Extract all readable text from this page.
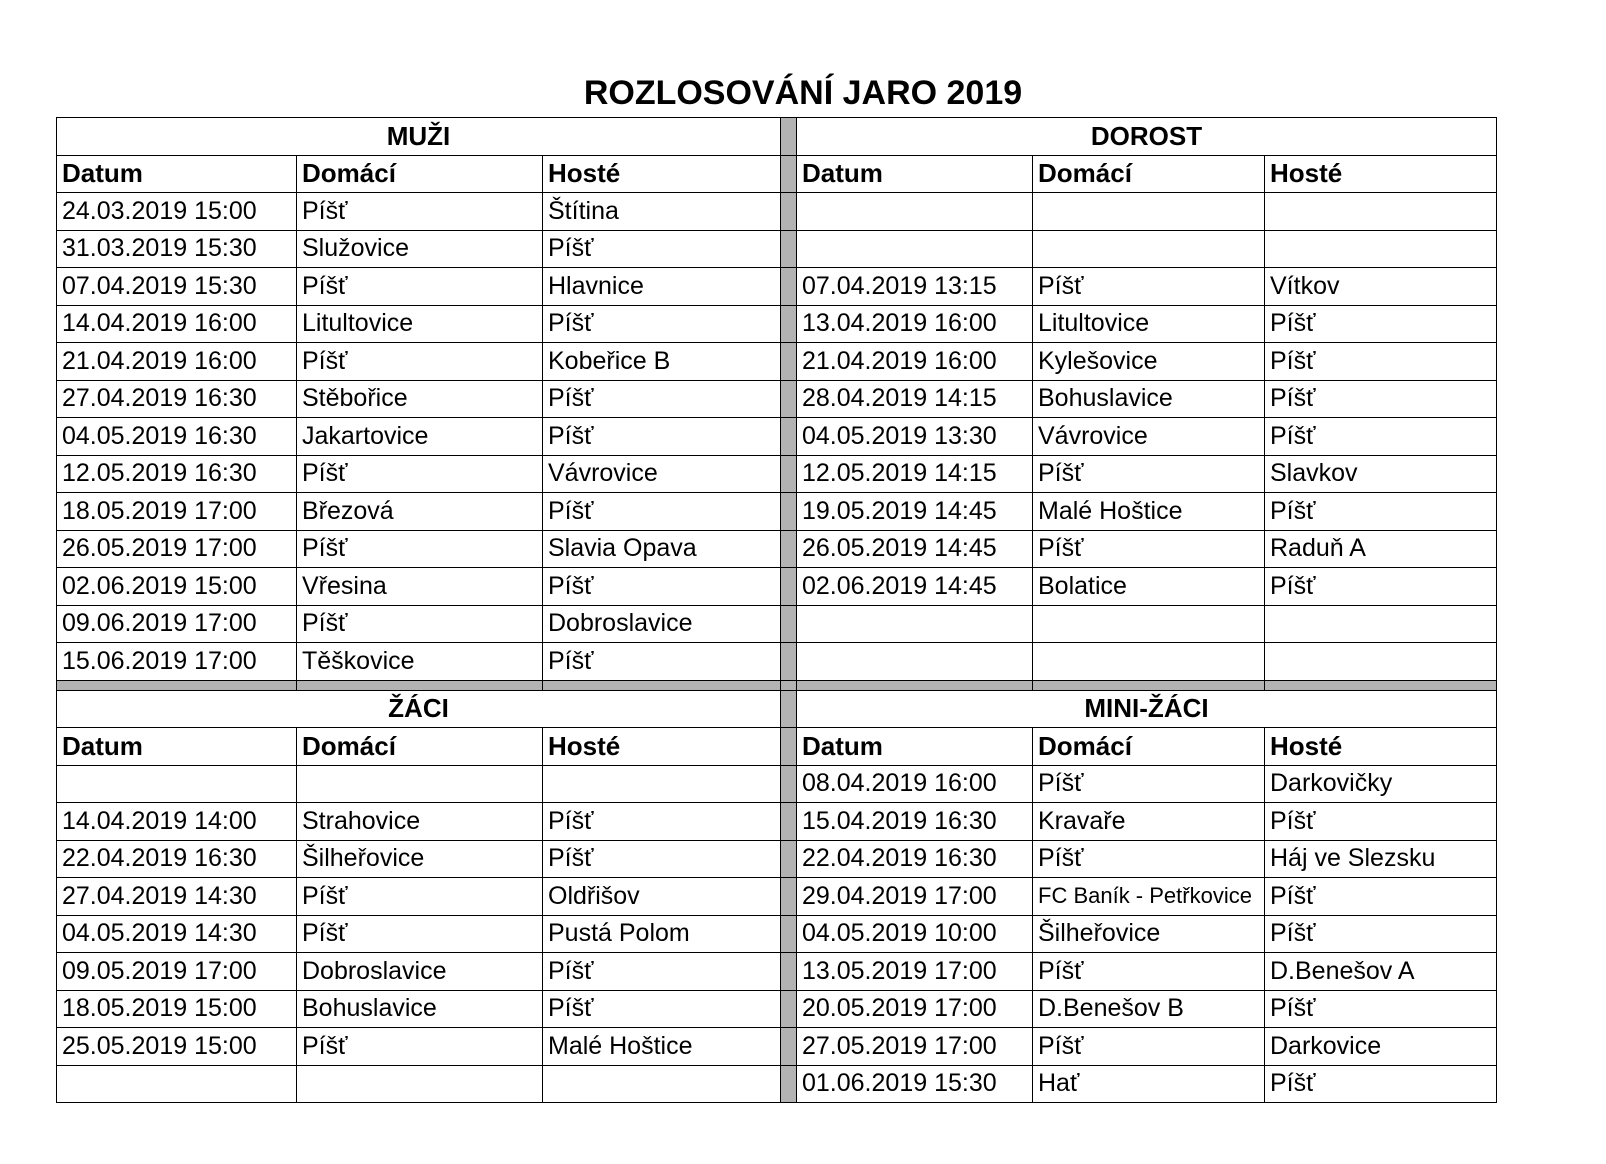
ROZLOSOVÁNÍ JARO 2019
MUŽI				DOROST		
Datum	Domácí	Hosté		Datum	Domácí	Hosté
24.03.2019 15:00	Píšť	Štítina				
31.03.2019 15:30	Služovice	Píšť				
07.04.2019 15:30	Píšť	Hlavnice		07.04.2019 13:15	Píšť	Vítkov
14.04.2019 16:00	Litultovice	Píšť		13.04.2019 16:00	Litultovice	Píšť
21.04.2019 16:00	Píšť	Kobeřice B		21.04.2019 16:00	Kylešovice	Píšť
27.04.2019 16:30	Stěbořice	Píšť		28.04.2019 14:15	Bohuslavice	Píšť
04.05.2019 16:30	Jakartovice	Píšť		04.05.2019 13:30	Vávrovice	Píšť
12.05.2019 16:30	Píšť	Vávrovice		12.05.2019 14:15	Píšť	Slavkov
18.05.2019 17:00	Březová	Píšť		19.05.2019 14:45	Malé Hoštice	Píšť
26.05.2019 17:00	Píšť	Slavia Opava		26.05.2019 14:45	Píšť	Raduň A
02.06.2019 15:00	Vřesina	Píšť		02.06.2019 14:45	Bolatice	Píšť
09.06.2019 17:00	Píšť	Dobroslavice				
15.06.2019 17:00	Těškovice	Píšť				

ŽÁCI				MINI-ŽÁCI		
Datum	Domácí	Hosté		Datum	Domácí	Hosté
				08.04.2019 16:00	Píšť	Darkovičky
14.04.2019 14:00	Strahovice	Píšť		15.04.2019 16:30	Kravaře	Píšť
22.04.2019 16:30	Šilheřovice	Píšť		22.04.2019 16:30	Píšť	Háj ve Slezsku
27.04.2019 14:30	Píšť	Oldřišov		29.04.2019 17:00	FC Baník - Petřkovice	Píšť
04.05.2019 14:30	Píšť	Pustá Polom		04.05.2019 10:00	Šilheřovice	Píšť
09.05.2019 17:00	Dobroslavice	Píšť		13.05.2019 17:00	Píšť	D.Benešov A
18.05.2019 15:00	Bohuslavice	Píšť		20.05.2019 17:00	D.Benešov B	Píšť
25.05.2019 15:00	Píšť	Malé Hoštice		27.05.2019 17:00	Píšť	Darkovice
				01.06.2019 15:30	Hať	Píšť
